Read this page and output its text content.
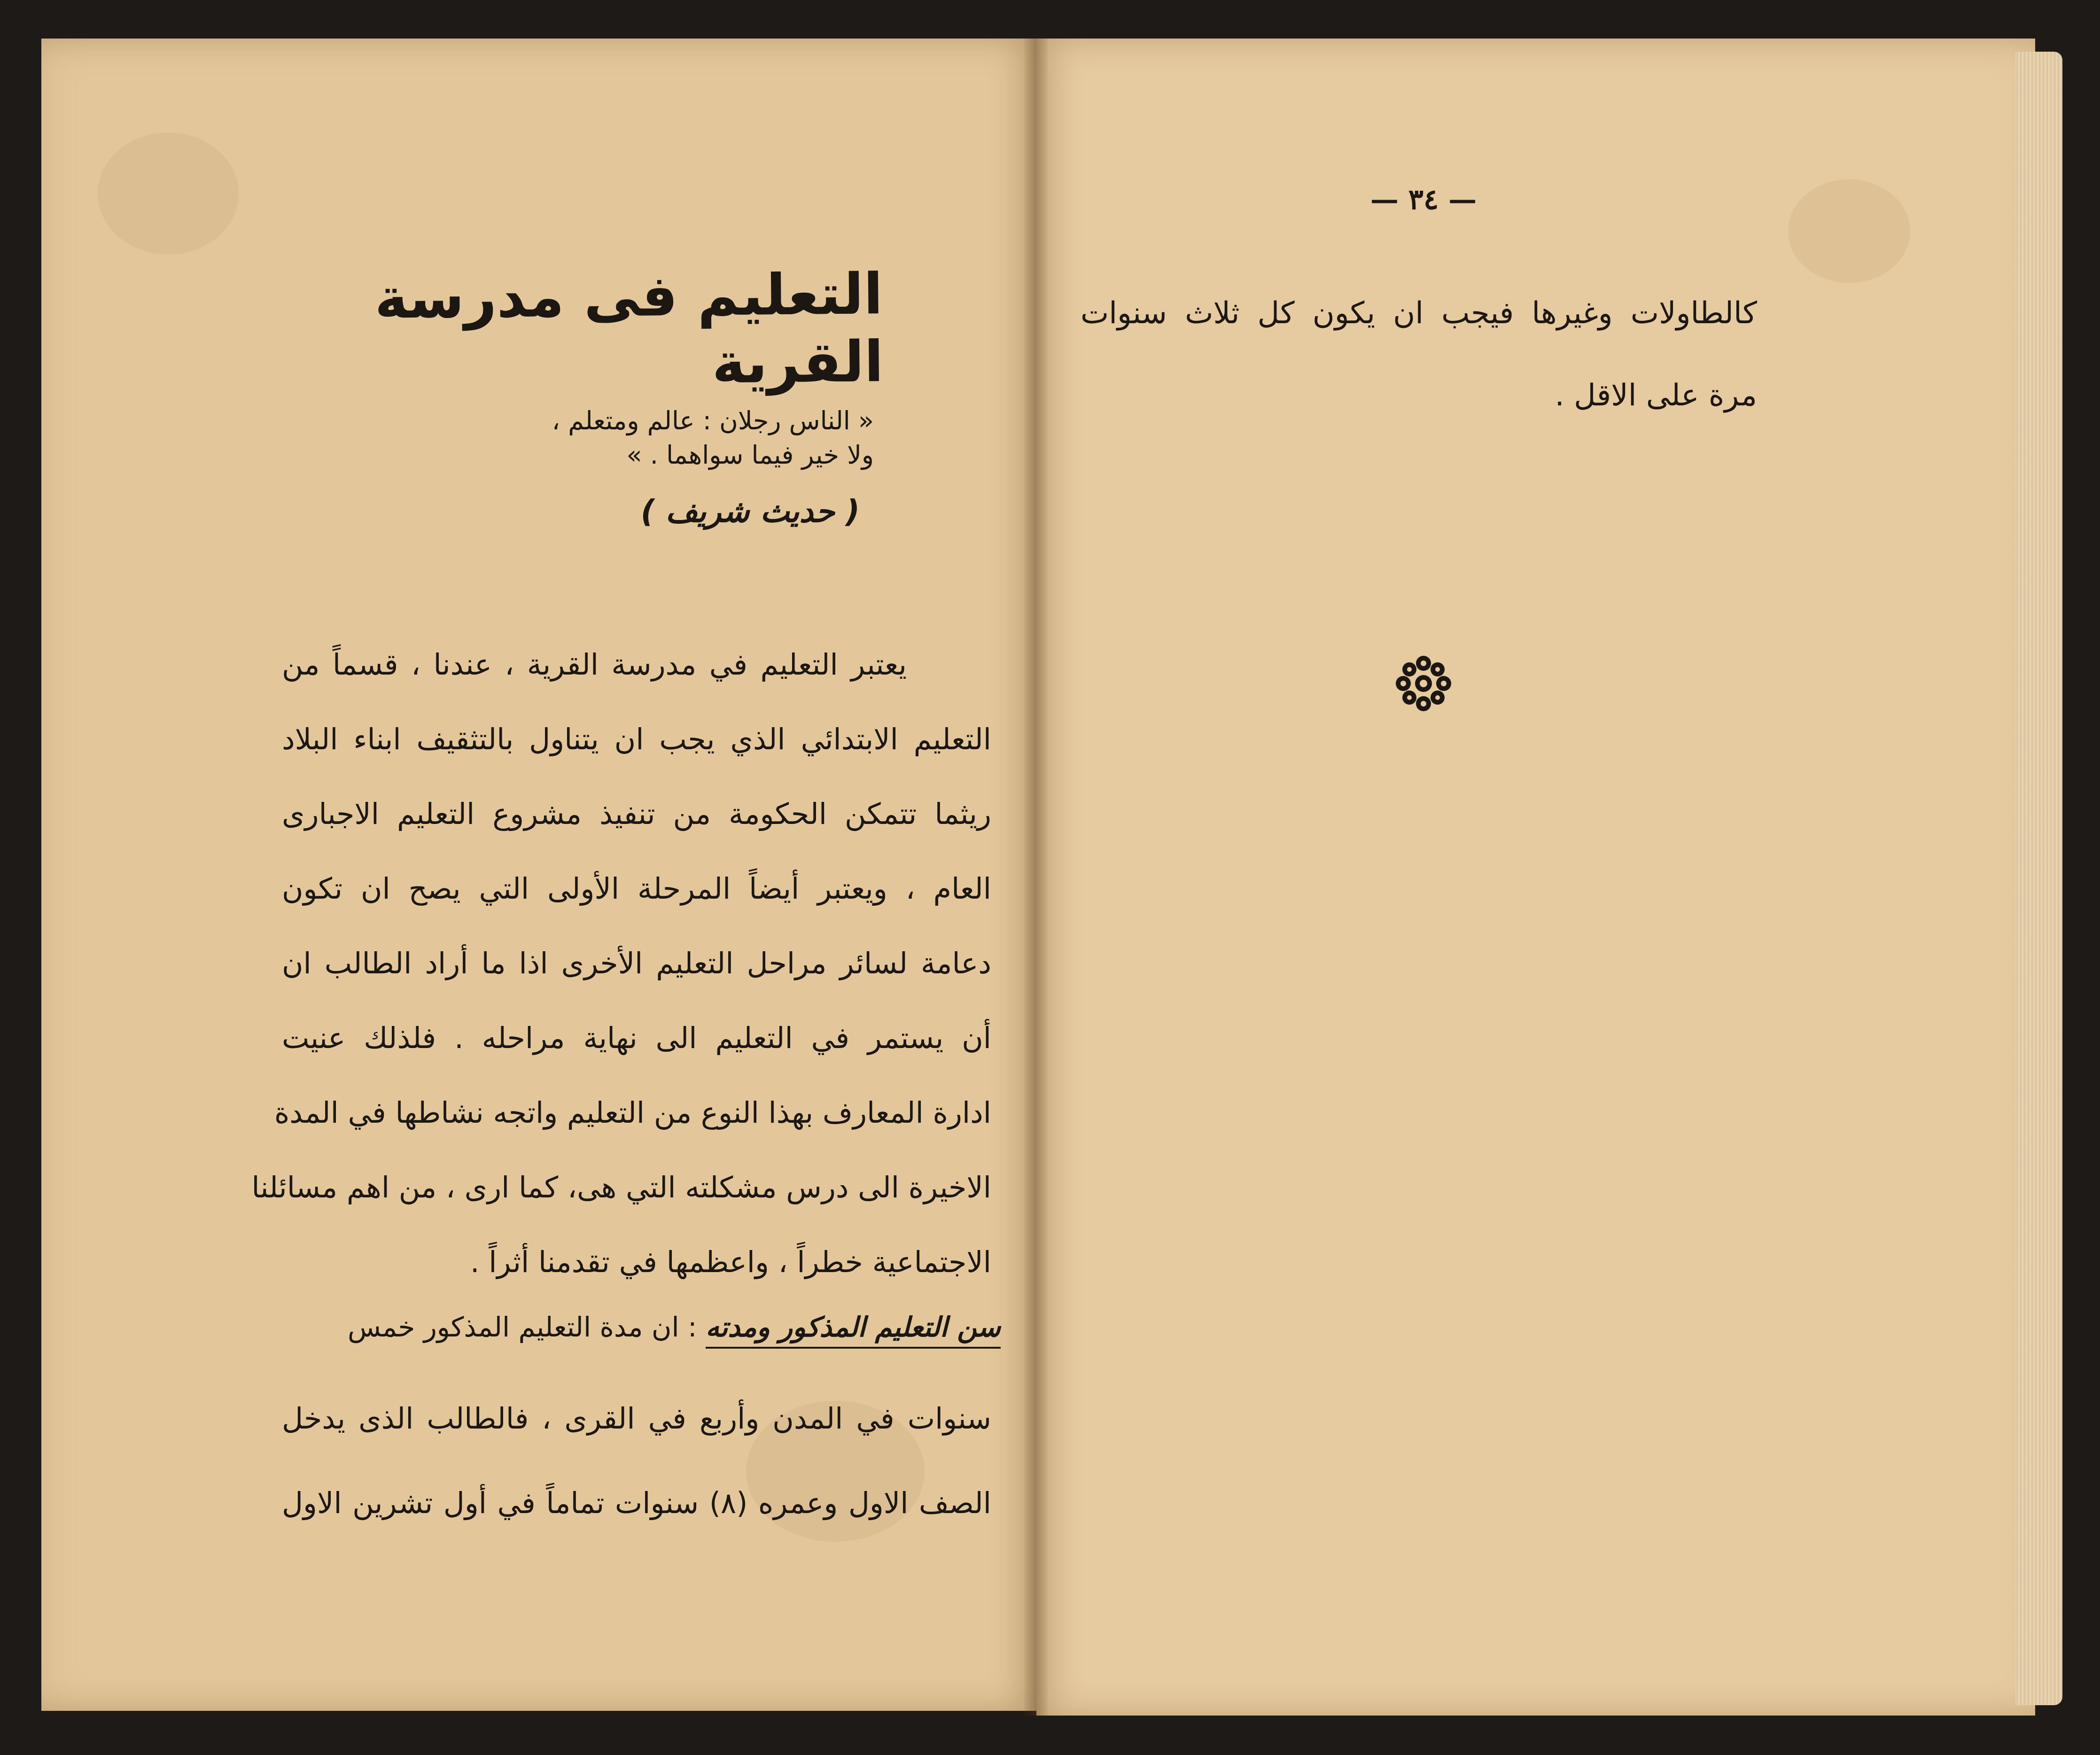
التعليم فى مدرسة القرية
« الناس رجلان : عالم ومتعلم ،
ولا خير فيما سواهما . »
( حديث شريف )
يعتبر التعليم في مدرسة القرية ، عندنا ، قسماً من
التعليم الابتدائي الذي يجب ان يتناول بالتثقيف ابناء البلاد
ريثما تتمكن الحكومة من تنفيذ مشروع التعليم الاجبارى
العام ، ويعتبر أيضاً المرحلة الأولى التي يصح ان تكون
دعامة لسائر مراحل التعليم الأخرى اذا ما أراد الطالب ان
أن يستمر في التعليم الى نهاية مراحله . فلذلك عنيت
ادارة المعارف بهذا النوع من التعليم واتجه نشاطها في المدة
الاخيرة الى درس مشكلته التي هى، كما ارى ، من اهم مسائلنا
الاجتماعية خطراً ، واعظمها في تقدمنا أثراً .
سن التعليم المذكور ومدته : ان مدة التعليم المذكور خمس
سنوات في المدن وأربع في القرى ، فالطالب الذى يدخل
الصف الاول وعمره (٨) سنوات تماماً في أول تشرين الاول
— ٣٤ —
كالطاولات وغيرها فيجب ان يكون كل ثلاث سنوات
مرة على الاقل .
